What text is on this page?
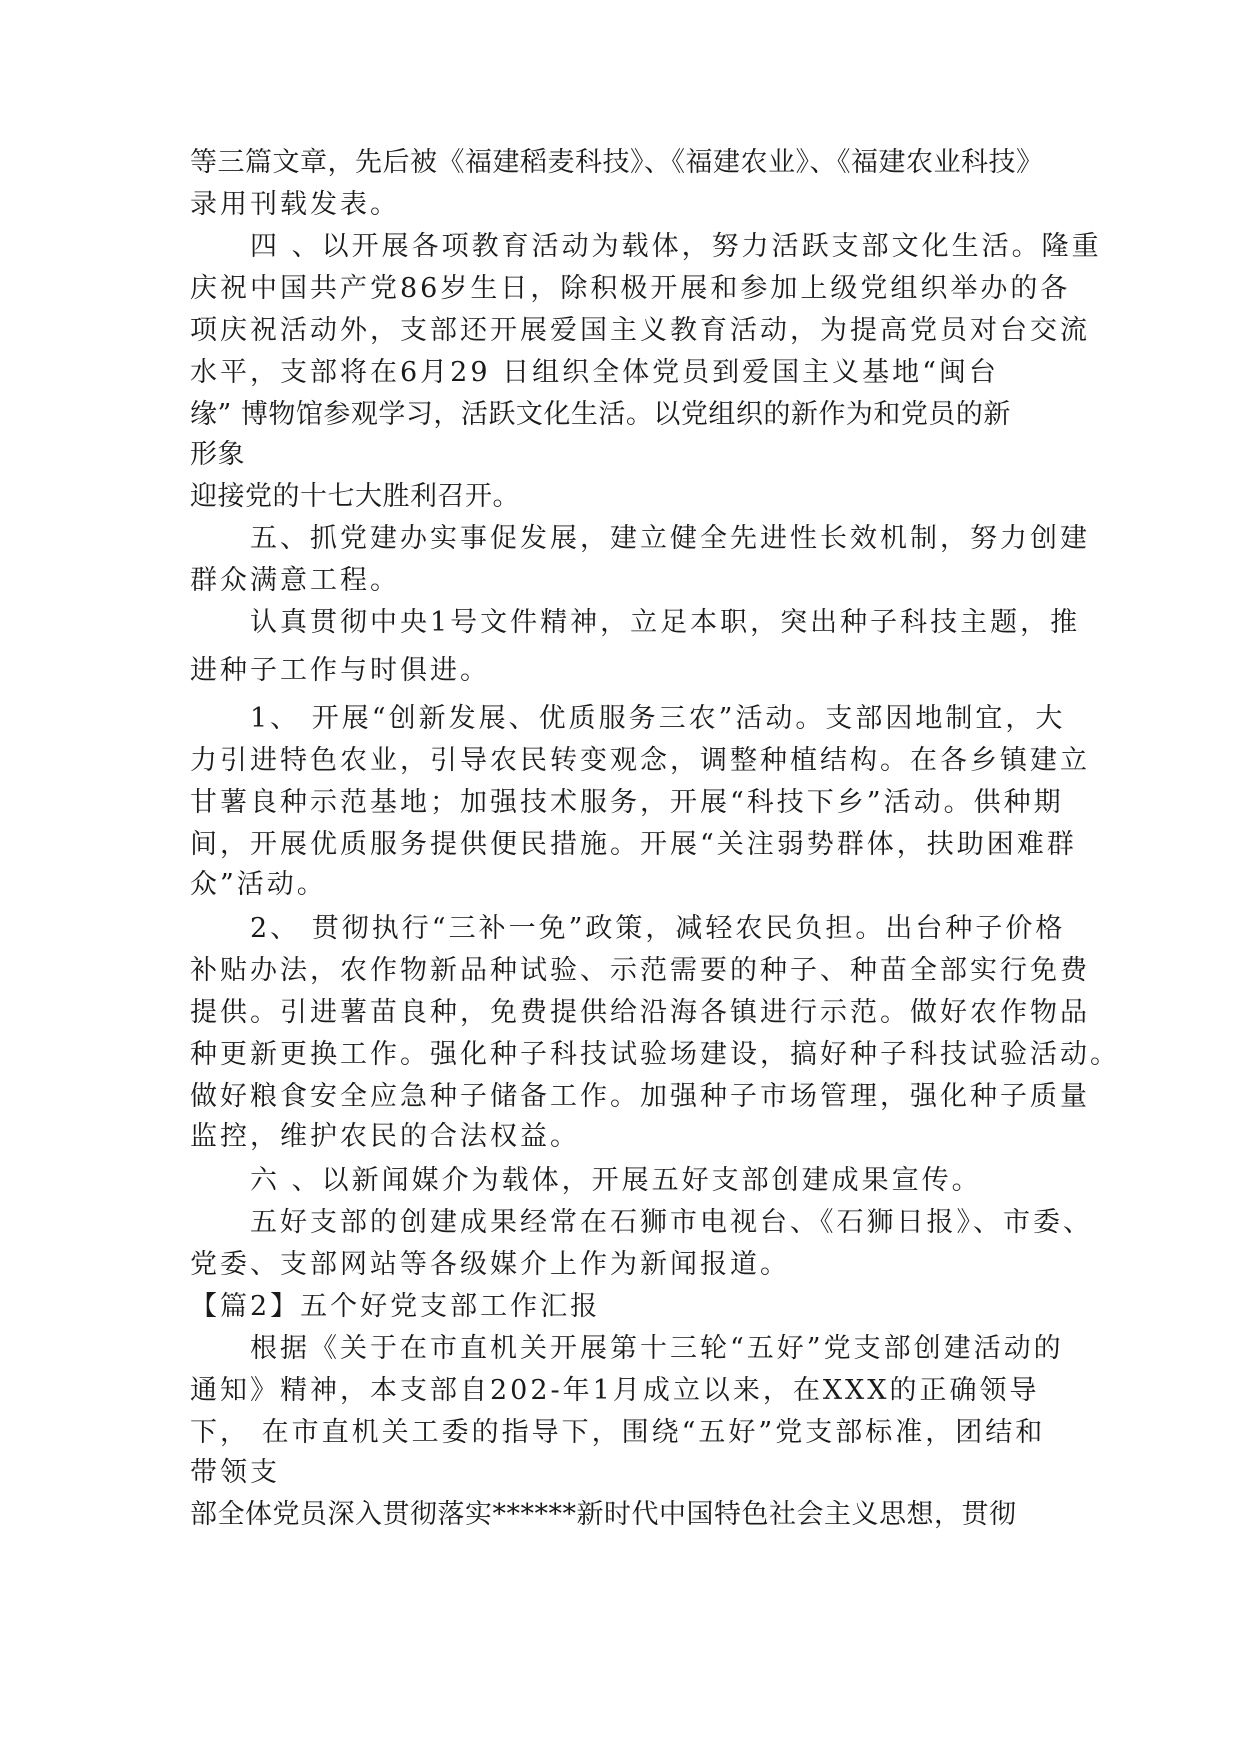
等三篇文章，先后被《福建稻麦科技》、《福建农业》、《福建农业科技》
录用刊载发表。
四 、以开展各项教育活动为载体，努力活跃支部文化生活。隆重
庆祝中国共产党86岁生日，除积极开展和参加上级党组织举办的各
项庆祝活动外，支部还开展爱国主义教育活动，为提高党员对台交流
水平，支部将在6月29 日组织全体党员到爱国主义基地“闽台
缘” 博物馆参观学习，活跃文化生活。以党组织的新作为和党员的新
形象
迎接党的十七大胜利召开。
五、抓党建办实事促发展，建立健全先进性长效机制，努力创建
群众满意工程。
认真贯彻中央1号文件精神，立足本职，突出种子科技主题，推
进种子工作与时俱进。
1、 开展“创新发展、优质服务三农”活动。支部因地制宜，大
力引进特色农业，引导农民转变观念，调整种植结构。在各乡镇建立
甘薯良种示范基地；加强技术服务，开展“科技下乡”活动。供种期
间，开展优质服务提供便民措施。开展“关注弱势群体，扶助困难群
众”活动。
2、 贯彻执行“三补一免”政策，减轻农民负担。出台种子价格
补贴办法，农作物新品种试验、示范需要的种子、种苗全部实行免费
提供。引进薯苗良种，免费提供给沿海各镇进行示范。做好农作物品
种更新更换工作。强化种子科技试验场建设，搞好种子科技试验活动。
做好粮食安全应急种子储备工作。加强种子市场管理，强化种子质量
监控，维护农民的合法权益。
六 、以新闻媒介为载体，开展五好支部创建成果宣传。
五好支部的创建成果经常在石狮市电视台、《石狮日报》、市委、
党委、支部网站等各级媒介上作为新闻报道。
【篇2】五个好党支部工作汇报
根据《关于在市直机关开展第十三轮“五好”党支部创建活动的
通知》精神，本支部自202-年1月成立以来，在XXX的正确领导
下， 在市直机关工委的指导下，围绕“五好”党支部标准，团结和
带领支
部全体党员深入贯彻落实******新时代中国特色社会主义思想，贯彻
